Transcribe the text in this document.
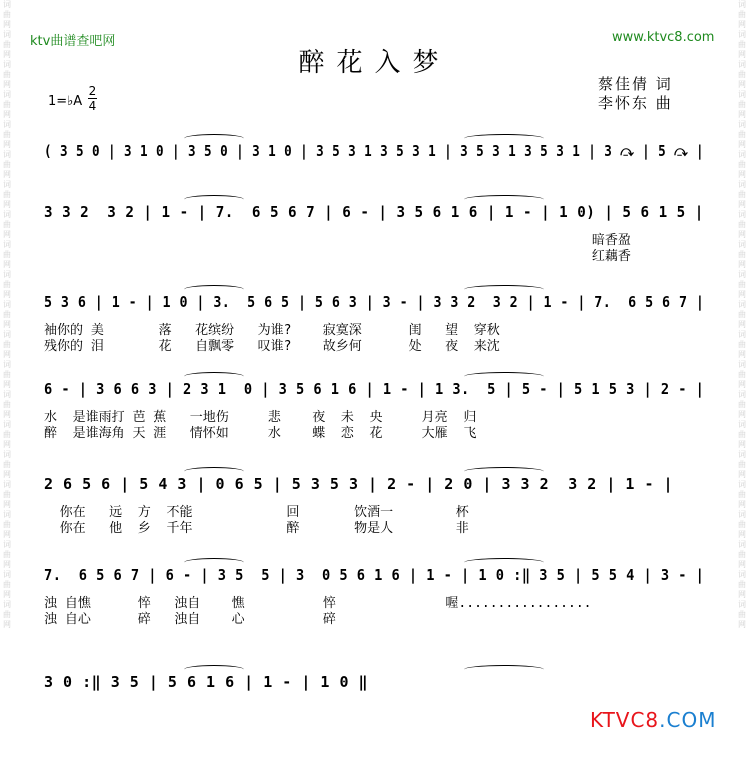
词曲网词曲网词曲网词曲网词曲网词曲网词曲网词曲网词曲网词曲网词曲网词曲网词曲网词曲网词曲网词曲网词曲网词曲网词曲网词曲网词曲网
词曲网词曲网词曲网词曲网词曲网词曲网词曲网词曲网词曲网词曲网词曲网词曲网词曲网词曲网词曲网词曲网词曲网词曲网词曲网词曲网词曲网
ktv曲谱查吧网	www.ktvc8.com
醉花入梦
1=♭A
2
4
蔡佳倩 词
李怀东 曲
( 3 5 0 | 3 1 0 | 3 5 0 | 3 1 0 | 3 5 3 1 3 5 3 1 | 3 5 3 1 3 5 3 1 | 3 ⤼ | 5 ⤼ |
3 3 2  3 2 | 1 - | 7.  6 5 6 7 | 6 - | 3 5 6 1 6 | 1 - | 1 0) | 5 6 1 5 |
暗香盈
红藕香
5 3 6 | 1 - | 1 0 | 3.  5 6 5 | 5 6 3 | 3 - | 3 3 2  3 2 | 1 - | 7.  6 5 6 7 |
袖你的 美       落   花缤纷   为谁?    寂寞深      闺   望  穿秋
残你的 泪       花   自飘零   叹谁?    故乡何      处   夜  来沈
6 - | 3 6 6 3 | 2 3 1  0 | 3 5 6 1 6 | 1 - | 1 3.  5 | 5 - | 5 1 5 3 | 2 - |
水  是谁雨打 芭 蕉   一地伤     悲    夜  未  央     月亮  归
醉  是谁海角 天 涯   情怀如     水    蝶  恋  花     大雁  飞
2 6 5 6 | 5 4 3 | 0 6 5 | 5 3 5 3 | 2 - | 2 0 | 3 3 2  3 2 | 1 - |
你在   远  方  不能            回       饮酒一        杯
你在   他  乡  千年            醉       物是人        非
7.  6 5 6 7 | 6 - | 3 5  5 | 3  0 5 6 1 6 | 1 - | 1 0 :‖ 3 5 | 5 5 4 | 3 - |
浊 自憔      悴   浊自    憔          悴              喔.................
浊 自心      碎   浊自    心          碎
3 0 :‖ 3 5 | 5 6 1 6 | 1 - | 1 0 ‖
KTVC8.COM
